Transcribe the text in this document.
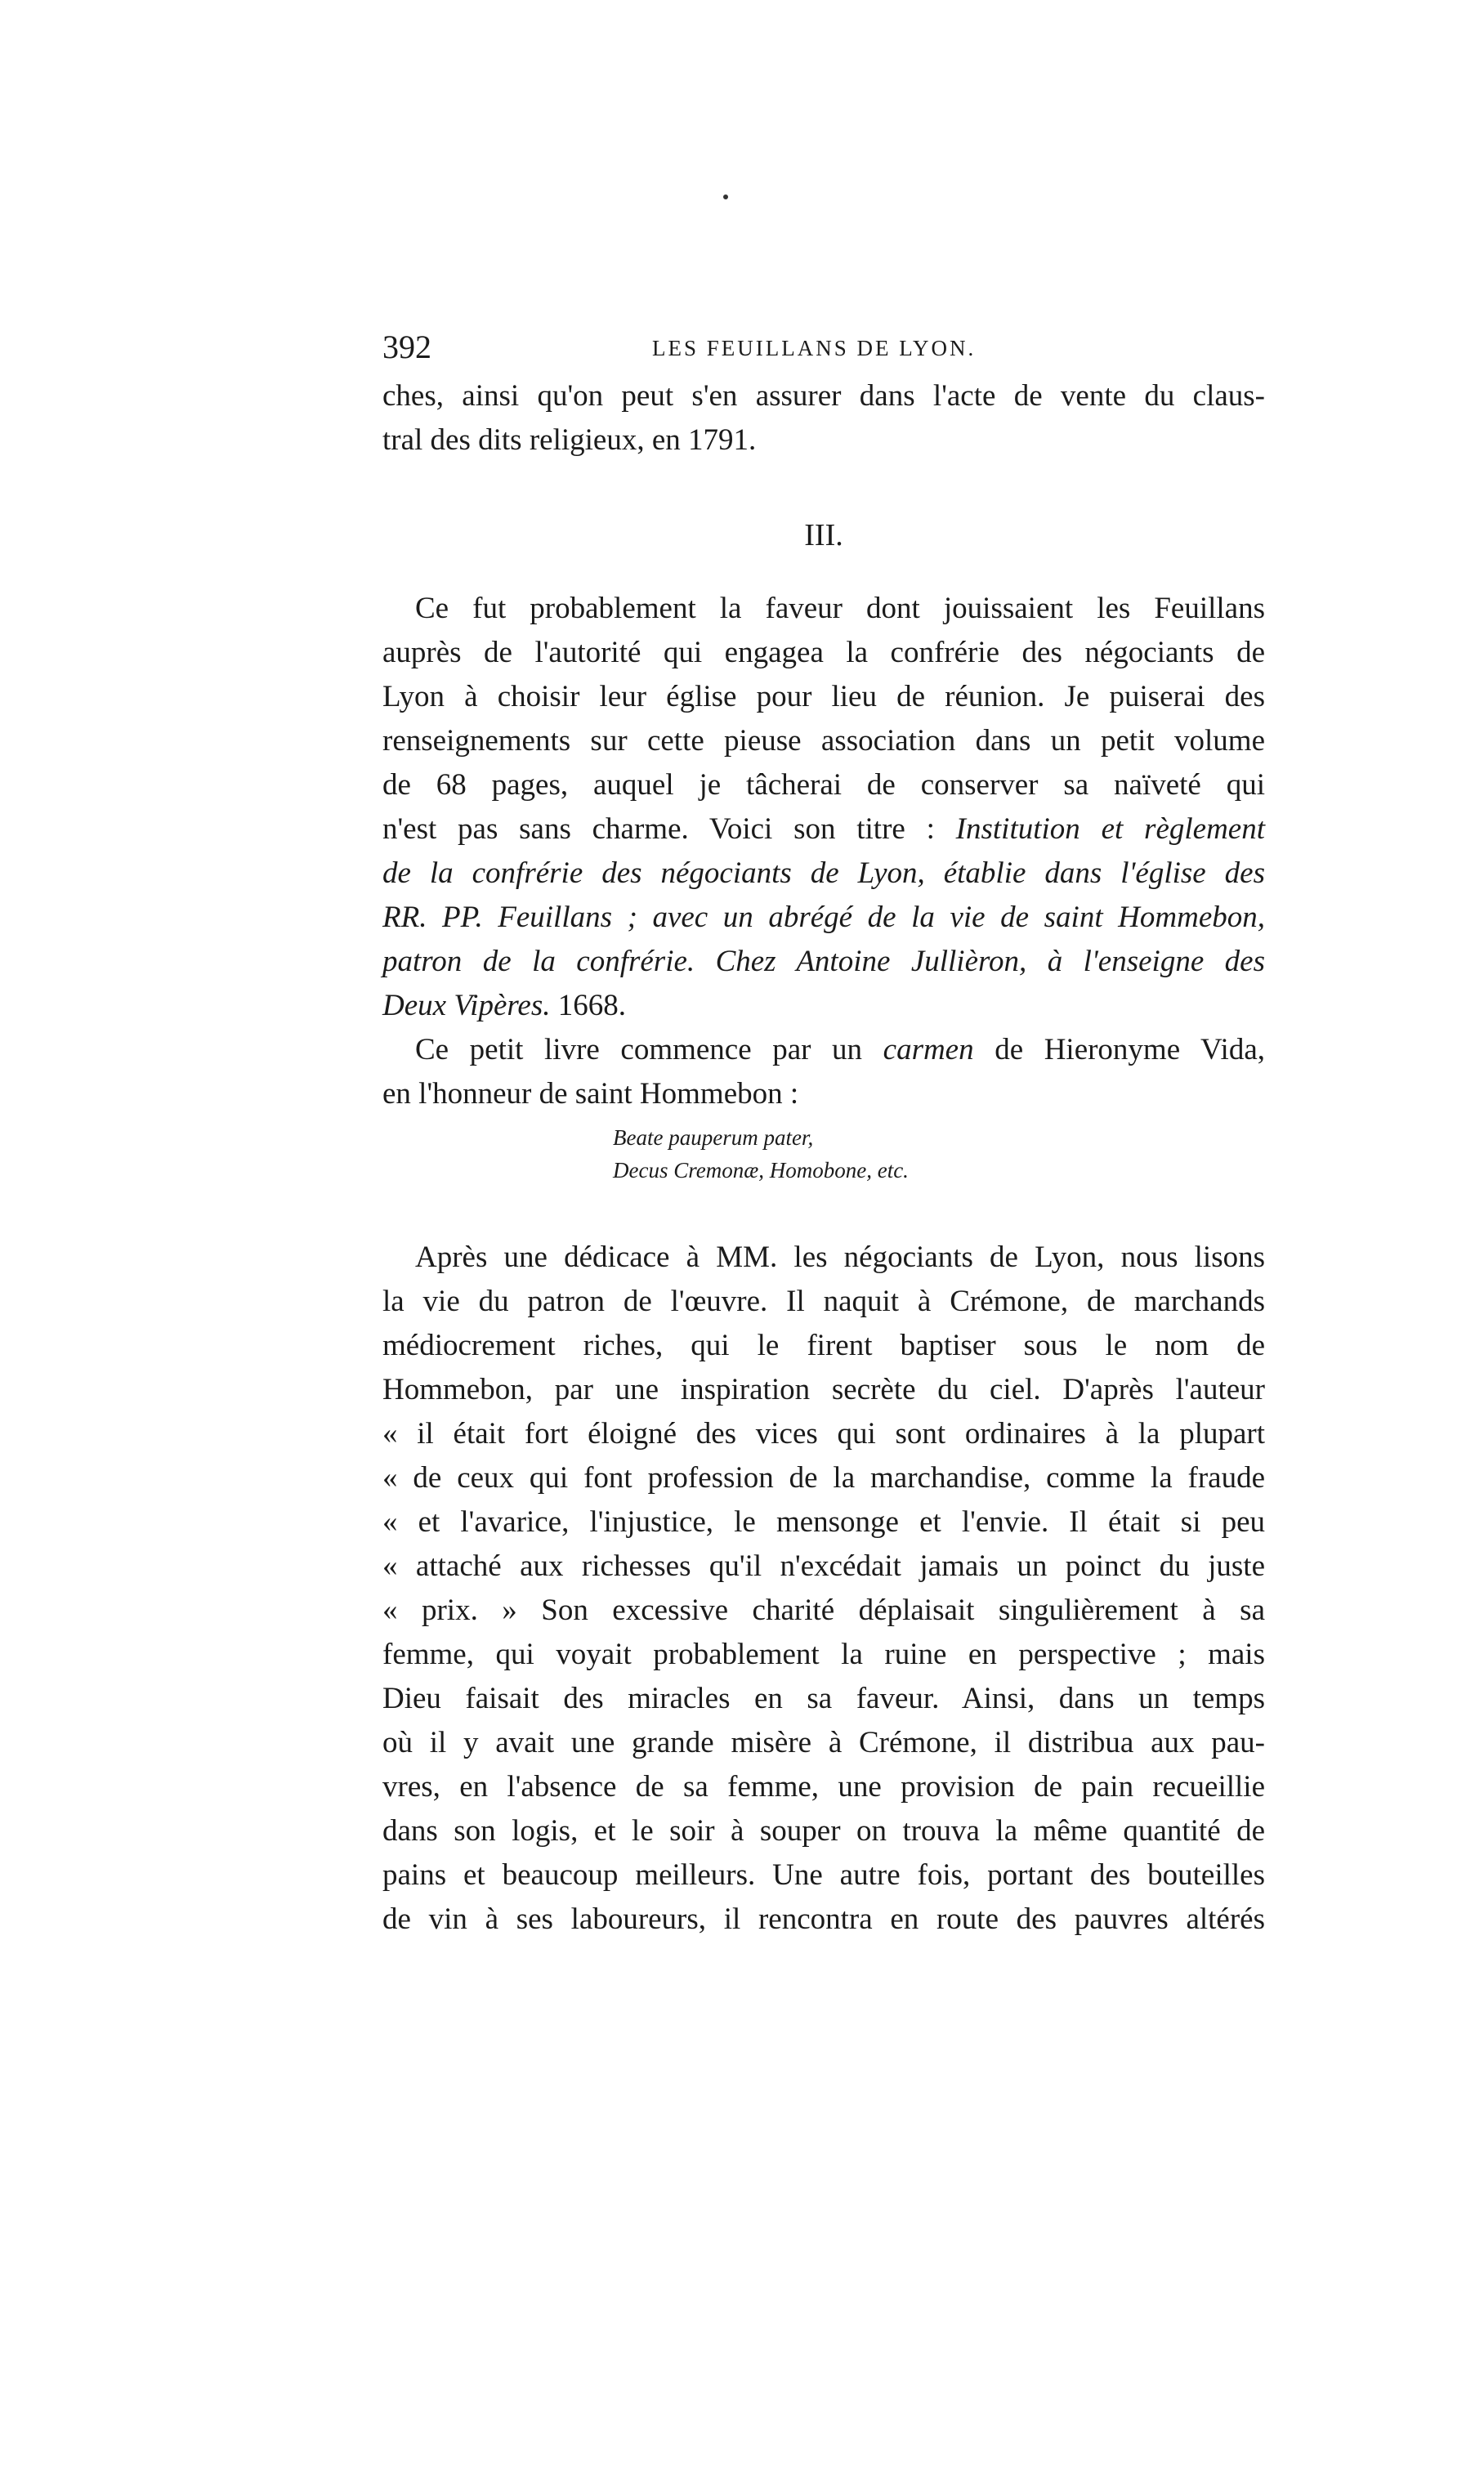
392	LES FEUILLANS DE LYON.
ches, ainsi qu'on peut s'en assurer dans l'acte de vente du claus-
tral des dits religieux, en 1791.
III.
Ce fut probablement la faveur dont jouissaient les Feuillans
auprès de l'autorité qui engagea la confrérie des négociants de
Lyon à choisir leur église pour lieu de réunion. Je puiserai des
renseignements sur cette pieuse association dans un petit volume
de 68 pages, auquel je tâcherai de conserver sa naïveté qui
n'est pas sans charme. Voici son titre : Institution et règlement
de la confrérie des négociants de Lyon, établie dans l'église des
RR. PP. Feuillans ; avec un abrégé de la vie de saint Hommebon,
patron de la confrérie. Chez Antoine Jullièron, à l'enseigne des
Deux Vipères. 1668.
Ce petit livre commence par un carmen de Hieronyme Vida,
en l'honneur de saint Hommebon :
Beate pauperum pater,
Decus Cremonæ, Homobone, etc.
Après une dédicace à MM. les négociants de Lyon, nous lisons
la vie du patron de l'œuvre. Il naquit à Crémone, de marchands
médiocrement riches, qui le firent baptiser sous le nom de
Hommebon, par une inspiration secrète du ciel. D'après l'auteur
« il était fort éloigné des vices qui sont ordinaires à la plupart
« de ceux qui font profession de la marchandise, comme la fraude
« et l'avarice, l'injustice, le mensonge et l'envie. Il était si peu
« attaché aux richesses qu'il n'excédait jamais un poinct du juste
« prix. » Son excessive charité déplaisait singulièrement à sa
femme, qui voyait probablement la ruine en perspective ; mais
Dieu faisait des miracles en sa faveur. Ainsi, dans un temps
où il y avait une grande misère à Crémone, il distribua aux pau-
vres, en l'absence de sa femme, une provision de pain recueillie
dans son logis, et le soir à souper on trouva la même quantité de
pains et beaucoup meilleurs. Une autre fois, portant des bouteilles
de vin à ses laboureurs, il rencontra en route des pauvres altérés
